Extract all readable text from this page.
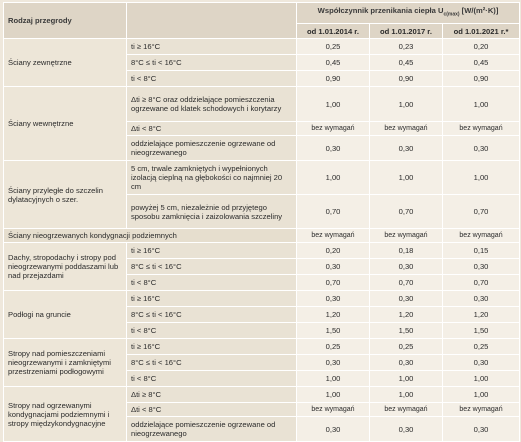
Rodzaj przegrody		Współczynnik przenikania ciepła $U_{c(max)}$ [W/(m²·K)]		
		od 1.01.2014 r.	od 1.01.2017 r.	od 1.01.2021 r.*
Ściany zewnętrzne	ti ≥ 16°C	0,25	0,23	0,20
	8°C ≤ ti < 16°C	0,45	0,45	0,45
	ti < 8°C	0,90	0,90	0,90
Ściany wewnętrzne	Δti ≥ 8°C oraz oddzielające pomieszczenia ogrzewane od klatek schodowych i korytarzy	1,00	1,00	1,00
	Δti < 8°C	bez wymagań	bez wymagań	bez wymagań
	oddzielające pomieszczenie ogrzewane od nieogrzewanego	0,30	0,30	0,30
Ściany przyległe do szczelin dylatacyjnych o szer.	5 cm, trwale zamkniętych i wypełnionych izolacją cieplną na głębokości co najmniej 20 cm	1,00	1,00	1,00
	powyżej 5 cm, niezależnie od przyjętego sposobu zamknięcia i zaizolowania szczeliny	0,70	0,70	0,70
Ściany nieogrzewanych kondygnacji podziemnych		bez wymagań	bez wymagań	bez wymagań
Dachy, stropodachy i stropy pod nieogrzewanymi poddaszami lub nad przejazdami	ti ≥ 16°C	0,20	0,18	0,15
	8°C ≤ ti < 16°C	0,30	0,30	0,30
	ti < 8°C	0,70	0,70	0,70
Podłogi na gruncie	ti ≥ 16°C	0,30	0,30	0,30
	8°C ≤ ti < 16°C	1,20	1,20	1,20
	ti < 8°C	1,50	1,50	1,50
Stropy nad pomieszczeniami nieogrzewanymi i zamkniętymi przestrzeniami podłogowymi	ti ≥ 16°C	0,25	0,25	0,25
	8°C ≤ ti < 16°C	0,30	0,30	0,30
	ti < 8°C	1,00	1,00	1,00
Stropy nad ogrzewanymi kondygnacjami podziemnymi i stropy międzykondygnacyjne	Δti ≥ 8°C	1,00	1,00	1,00
	Δti < 8°C	bez wymagań	bez wymagań	bez wymagań
	oddzielające pomieszczenie ogrzewane od nieogrzewanego	0,30	0,30	0,30
